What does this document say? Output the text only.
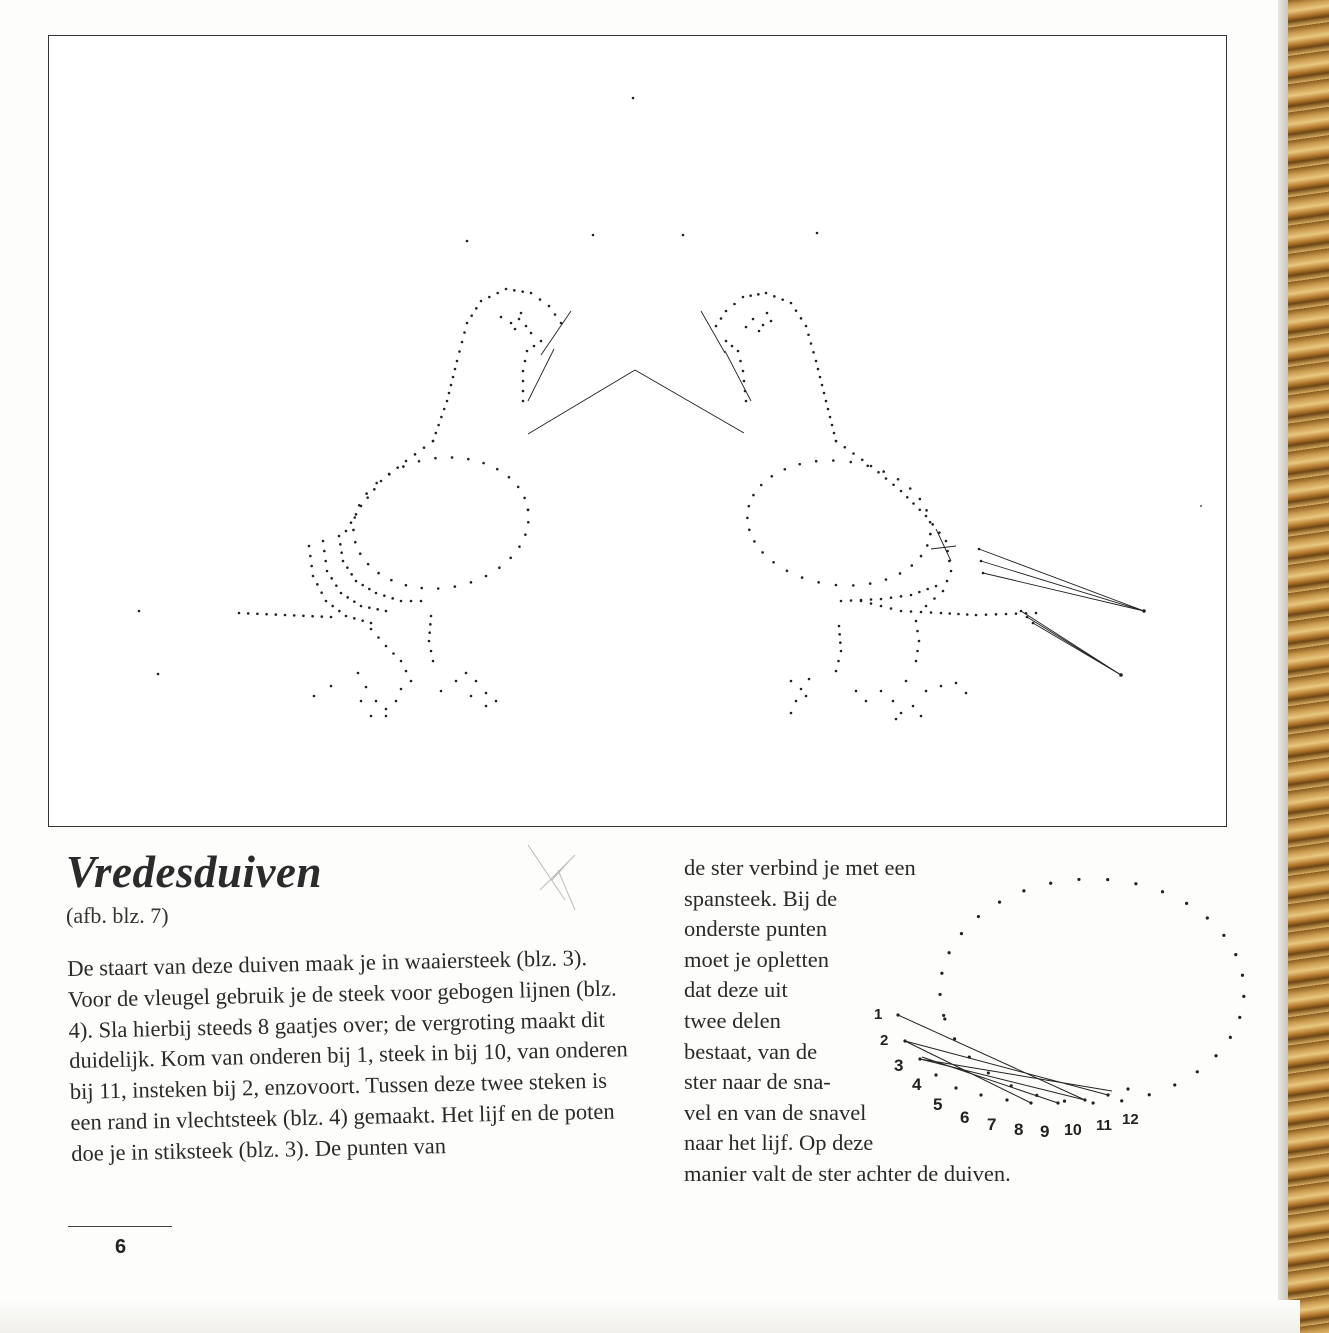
Vredesduiven
(afb. blz. 7)
De staart van deze duiven maak je in waaiersteek (blz. 3). Voor de vleugel gebruik je de steek voor gebogen lijnen (blz. 4). Sla hierbij steeds 8 gaatjes over; de vergroting maakt dit duidelijk. Kom van onderen bij 1, steek in bij 10, van onderen bij 11, insteken bij 2, enzovoort. Tussen deze twee steken is een rand in vlechtsteek (blz. 4) gemaakt. Het lijf en de poten doe je in stiksteek (blz. 3). De punten van
de ster verbind je met een
spansteek. Bij de
onderste punten
moet je opletten
dat deze uit
twee delen
bestaat, van de
ster naar de sna-
vel en van de snavel
naar het lijf. Op deze
manier valt de ster achter de duiven.
1
2
3
4
5
6 7 8 9 10 11 12
6
